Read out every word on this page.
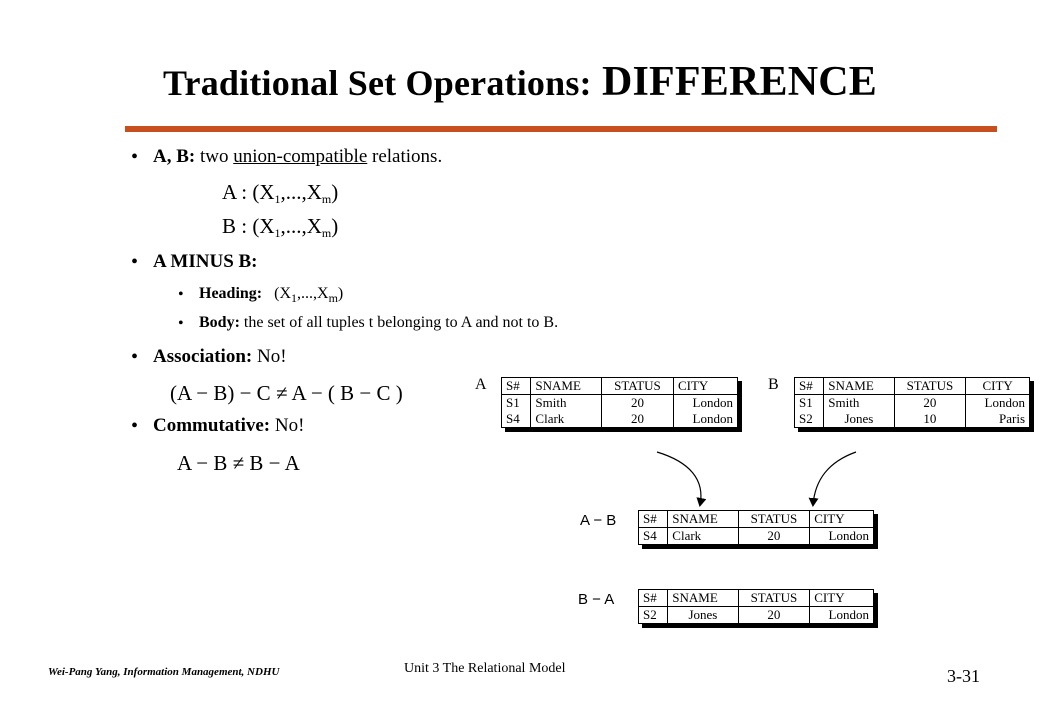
Traditional Set Operations: DIFFERENCE
• A, B: two union-compatible relations.
A : $(X_1,...,X_m)$
B : $(X_1,...,X_m)$
• A MINUS B:
• Heading: $(X_1,...,X_m)$
• Body: the set of all tuples t belonging to A and not to B.
• Association: No!
(A − B) − C ≠ A − ( B − C )
• Commutative: No!
A − B ≠ B − A
A S#	SNAME	STATUS	CITY
S1	Smith	20	London
S4	Clark	20	London
B S#	SNAME	STATUS	CITY
S1	Smith	20	London
S2	Jones	10	Paris
A − B S#	SNAME	STATUS	CITY
S4	Clark	20	London
B − A S#	SNAME	STATUS	CITY
S2	Jones	20	London
Wei-Pang Yang, Information Management, NDHU	Unit 3 The Relational Model	3-31
